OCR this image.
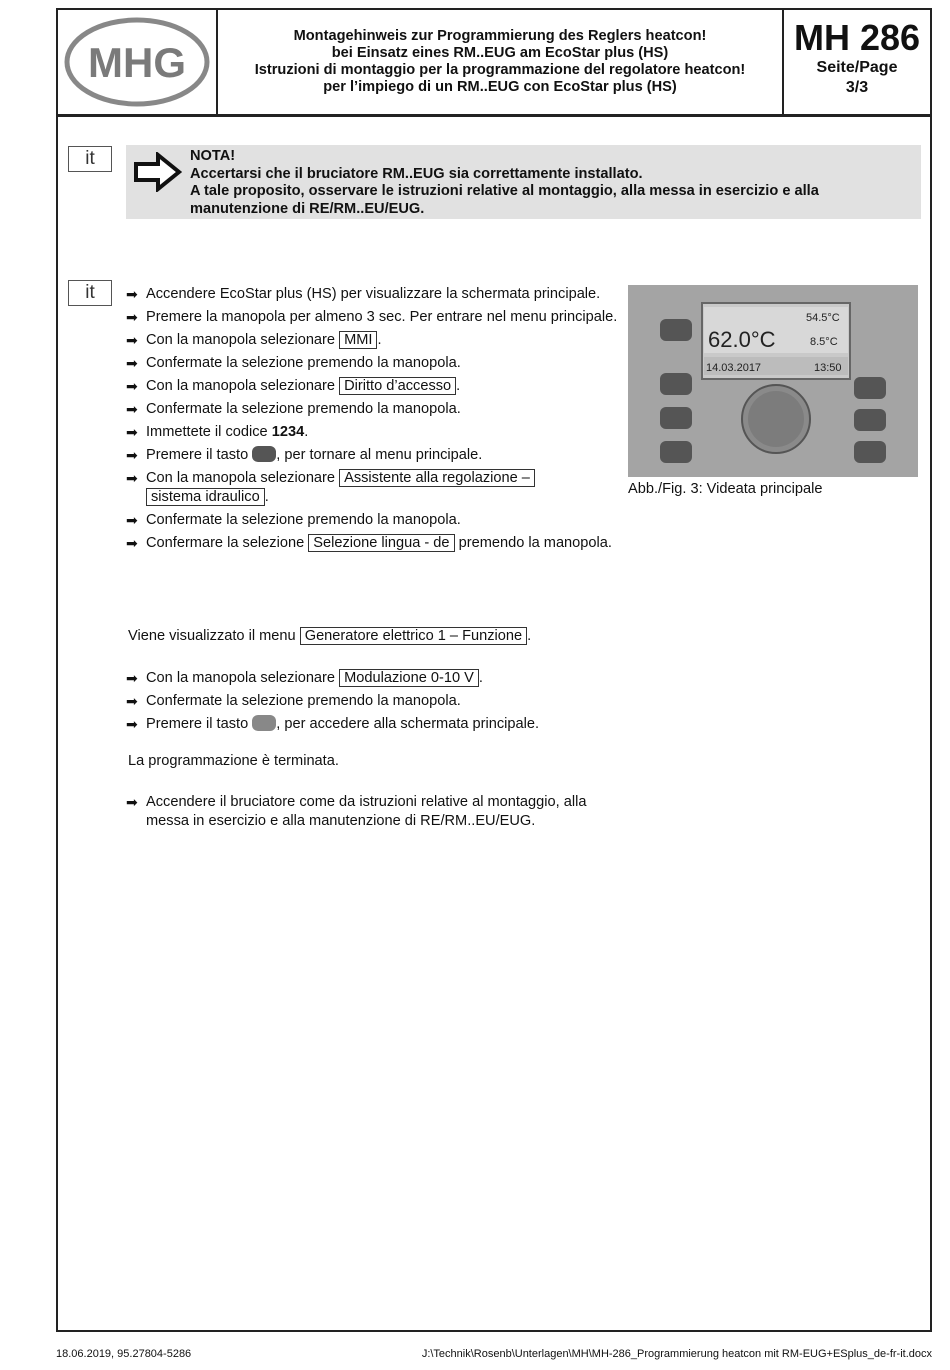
MHG
Montagehinweis zur Programmierung des Reglers heatcon!
bei Einsatz eines RM..EUG am EcoStar plus (HS)
Istruzioni di montaggio per la programmazione del regolatore heatcon!
per l’impiego di un RM..EUG con EcoStar plus (HS)
MH 286
Seite/Page
3/3
it	NOTA!
Accertarsi che il bruciatore RM..EUG sia correttamente installato.
A tale proposito, osservare le istruzioni relative al montaggio, alla messa in esercizio e alla
manutenzione di RE/RM..EU/EUG.
it	➡ Accendere EcoStar plus (HS) per visualizzare la schermata principale.
➡ Premere la manopola per almeno 3 sec. Per entrare nel menu principale.
➡ Con la manopola selezionare MMI .
➡ Confermate la selezione premendo la manopola.
➡ Con la manopola selezionare Diritto d’accesso .
➡ Confermate la selezione premendo la manopola.
➡ Immettete il codice 1234.
➡ Premere il tasto , per tornare al menu principale.
➡ Con la manopola selezionare Assistente alla regolazione –
sistema idraulico .
➡ Confermate la selezione premendo la manopola.
➡ Confermare la selezione Selezione lingua - de premendo la manopola.
Viene visualizzato il menu Generatore elettrico 1 – Funzione .
➡ Con la manopola selezionare Modulazione 0-10 V .
➡ Confermate la selezione premendo la manopola.
➡ Premere il tasto , per accedere alla schermata principale.
La programmazione è terminata.
➡ Accendere il bruciatore come da istruzioni relative al montaggio, alla messa in esercizio e alla manutenzione di RE/RM..EU/EUG.
62.0°C
54.5°C
8.5°C
14.03.2017	13:50
Abb./Fig. 3: Videata principale
18.06.2019, 95.27804-5286	J:\Technik\Rosenb\Unterlagen\MH\MH-286_Programmierung heatcon mit RM-EUG+ESplus_de-fr-it.docx
